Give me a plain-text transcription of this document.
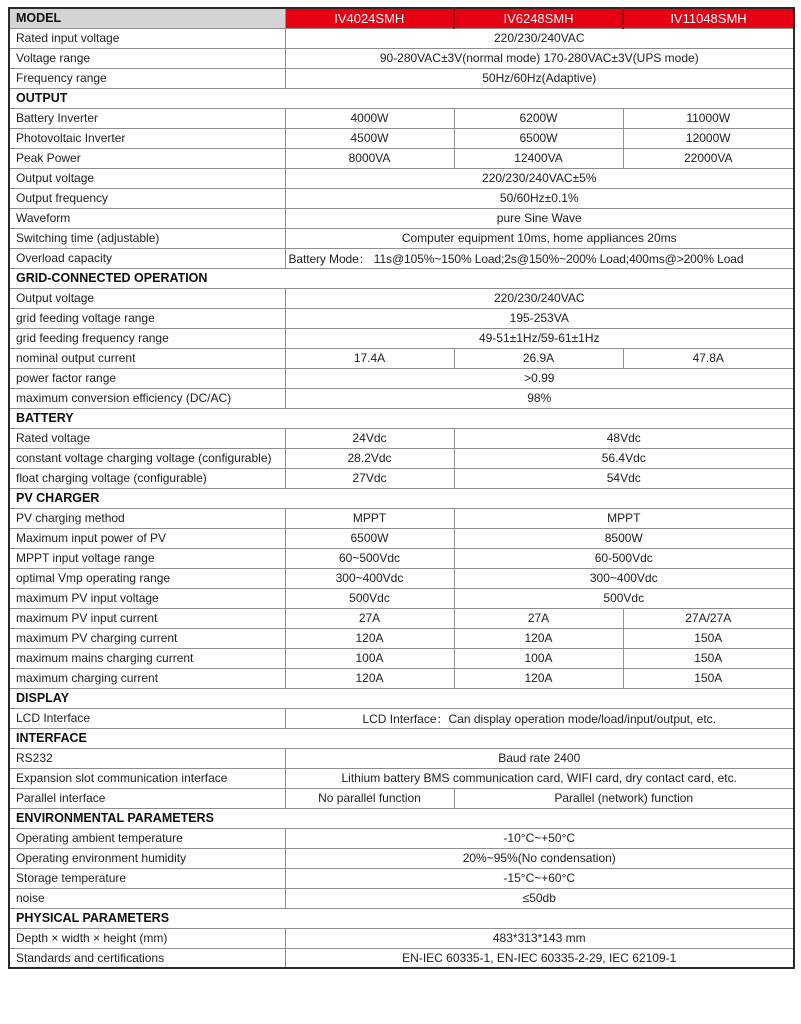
MODEL	IV4024SMH	IV6248SMH	IV11048SMH
Rated input voltage	220/230/240VAC		
Voltage range	90-280VAC±3V(normal mode) 170-280VAC±3V(UPS mode)		
Frequency range	50Hz/60Hz(Adaptive)		
OUTPUT			
Battery Inverter	4000W	6200W	11000W
Photovoltaic Inverter	4500W	6500W	12000W
Peak Power	8000VA	12400VA	22000VA
Output voltage	220/230/240VAC±5%		
Output frequency	50/60Hz±0.1%		
Waveform	pure Sine Wave		
Switching time (adjustable)	Computer equipment 10ms, home appliances 20ms		
Overload capacity	Battery Mode： 11s@105%~150% Load;2s@150%~200% Load;400ms@>200% Load		
GRID-CONNECTED OPERATION			
Output voltage	220/230/240VAC		
grid feeding voltage range	195-253VA		
grid feeding frequency range	49-51±1Hz/59-61±1Hz		
nominal output current	17.4A	26.9A	47.8A
power factor range	>0.99		
maximum conversion efficiency (DC/AC)	98%		
BATTERY			
Rated voltage	24Vdc	48Vdc	
constant voltage charging voltage (configurable)	28.2Vdc	56.4Vdc	
float charging voltage (configurable)	27Vdc	54Vdc	
PV CHARGER			
PV charging method	MPPT	MPPT	
Maximum input power of PV	6500W	8500W	
MPPT input voltage range	60~500Vdc	60-500Vdc	
optimal Vmp operating range	300~400Vdc	300~400Vdc	
maximum PV input voltage	500Vdc	500Vdc	
maximum PV input current	27A	27A	27A/27A
maximum PV charging current	120A	120A	150A
maximum mains charging current	100A	100A	150A
maximum charging current	120A	120A	150A
DISPLAY			
LCD Interface	LCD Interface：Can display operation mode/load/input/output, etc.		
INTERFACE			
RS232	Baud rate 2400		
Expansion slot communication interface	Lithium battery BMS communication card, WIFI card, dry contact card, etc.		
Parallel interface	No parallel function	Parallel (network) function	
ENVIRONMENTAL PARAMETERS			
Operating ambient temperature	-10°C~+50°C		
Operating environment humidity	20%~95%(No condensation)		
Storage temperature	-15°C~+60°C		
noise	≤50db		
PHYSICAL PARAMETERS			
Depth × width × height (mm)	483*313*143 mm		
Standards and certifications	EN-IEC 60335-1, EN-IEC 60335-2-29, IEC 62109-1		
